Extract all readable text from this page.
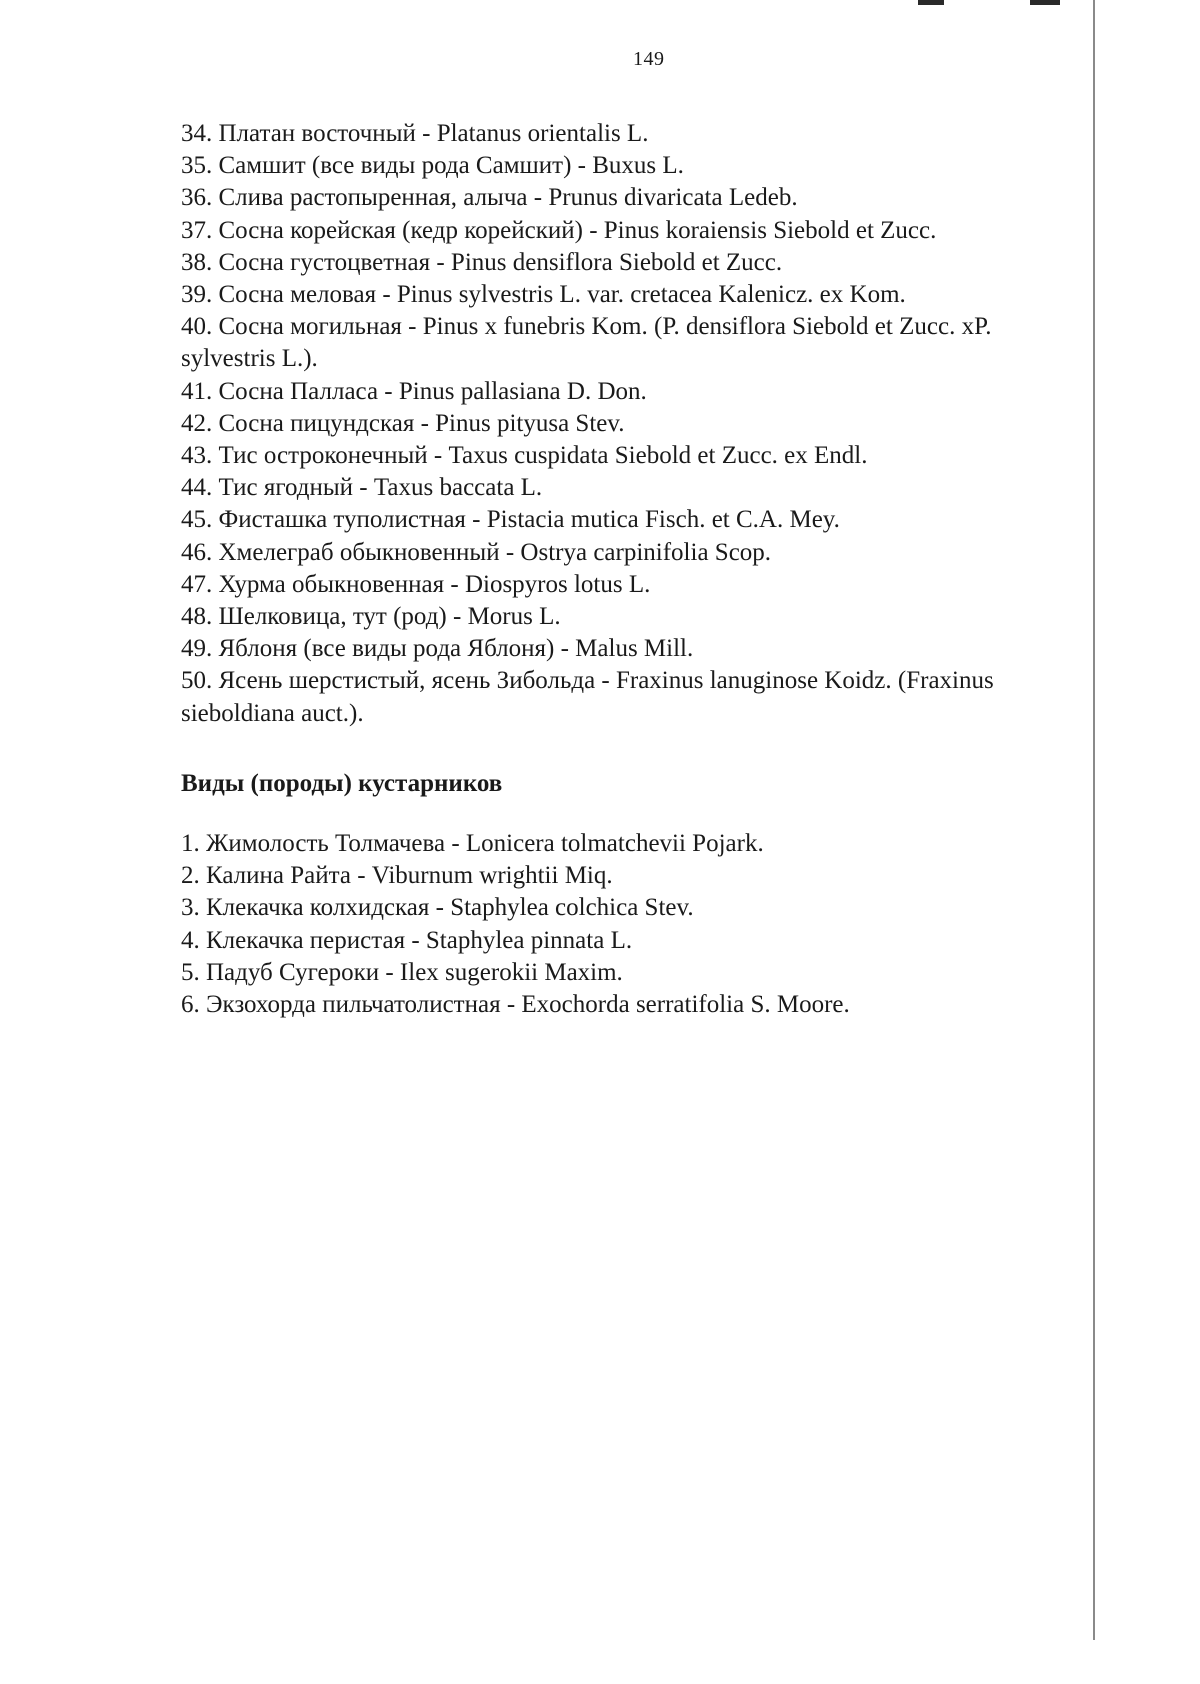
149
34. Платан восточный - Platanus orientalis L.
35. Самшит (все виды рода Самшит) - Buxus L.
36. Слива растопыренная, алыча - Prunus divaricata Ledeb.
37. Сосна корейская (кедр корейский) - Pinus koraiensis Siebold et Zucc.
38. Сосна густоцветная - Pinus densiflora Siebold et Zucc.
39. Сосна меловая - Pinus sylvestris L. var. cretacea Kalenicz. ex Kom.
40. Сосна могильная - Pinus x funebris Kom. (P. densiflora Siebold et Zucc. xP.
sylvestris L.).
41. Сосна Палласа - Pinus pallasiana D. Don.
42. Сосна пицундская - Pinus pityusa Stev.
43. Тис остроконечный - Taxus cuspidata Siebold et Zucc. ex Endl.
44. Тис ягодный - Taxus baccata L.
45. Фисташка туполистная - Pistacia mutica Fisch. et C.A. Mey.
46. Хмелеграб обыкновенный - Ostrya carpinifolia Scop.
47. Хурма обыкновенная - Diospyros lotus L.
48. Шелковица, тут (род) - Morus L.
49. Яблоня (все виды рода Яблоня) - Malus Mill.
50. Ясень шерстистый, ясень Зибольда - Fraxinus lanuginose Koidz. (Fraxinus
sieboldiana auct.).
Виды (породы) кустарников
1. Жимолость Толмачева - Lonicera tolmatchevii Pojark.
2. Калина Райта - Viburnum wrightii Miq.
3. Клекачка колхидская - Staphylea colchica Stev.
4. Клекачка перистая - Staphylea pinnata L.
5. Падуб Сугероки - Ilex sugerokii Maxim.
6. Экзохорда пильчатолистная - Exochorda serratifolia S. Moore.
